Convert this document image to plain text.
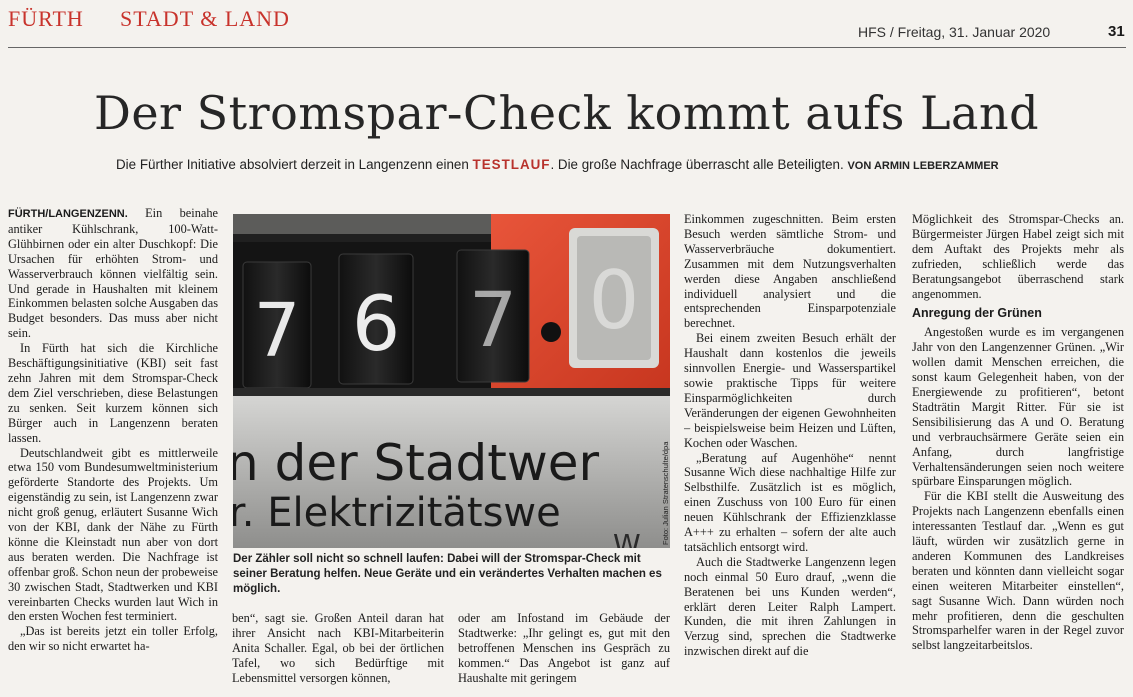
FÜRTH STADT & LAND
HFS / Freitag, 31. Januar 2020	31
Der Stromspar-Check kommt aufs Land
Die Fürther Initiative absolviert derzeit in Langenzenn einen TESTLAUF. Die große Nachfrage überrascht alle Beteiligten. VON ARMIN LEBERZAMMER

FÜRTH/LANGENZENN. Ein beinahe antiker Kühlschrank, 100-Watt-Glühbirnen oder ein alter Duschkopf: Die Ursachen für erhöhten Strom- und Wasserverbrauch können vielfältig sein. Und gerade in Haushalten mit kleinem Einkommen belasten solche Ausgaben das Budget besonders. Das muss aber nicht sein.

In Fürth hat sich die Kirchliche Beschäftigungsinitiative (KBI) seit fast zehn Jahren mit dem Stromspar-Check dem Ziel verschrieben, diese Belastungen zu senken. Seit kurzem können sich Bürger auch in Langenzenn beraten lassen.

Deutschlandweit gibt es mittlerweile etwa 150 vom Bundesumweltministerium geförderte Standorte des Projekts. Um eigenständig zu sein, ist Langenzenn zwar nicht groß genug, erläutert Susanne Wich von der KBI, dank der Nähe zu Fürth könne die Kleinstadt nun aber von dort aus beraten werden. Die Nachfrage ist offenbar groß. Schon neun der probeweise 30 zwischen Stadt, Stadtwerken und KBI vereinbarten Checks wurden laut Wich in den ersten Wochen fest terminiert.

„Das ist bereits jetzt ein toller Erfolg, den wir so nicht erwartet ha-

7 6 7 0
n der Stadtwer
r. Elektrizitätswe
W	Foto: Julian Stratenschulte/dpa
Der Zähler soll nicht so schnell laufen: Dabei will der Stromspar-Check mit seiner Beratung helfen. Neue Geräte und ein verändertes Verhalten machen es möglich.

ben“, sagt sie. Großen Anteil daran hat ihrer Ansicht nach KBI-Mitarbeiterin Anita Schaller. Egal, ob bei der örtlichen Tafel, wo sich Bedürftige mit Lebensmittel versorgen können,

oder am Infostand im Gebäude der Stadtwerke: „Ihr gelingt es, gut mit den betroffenen Menschen ins Gespräch zu kommen.“ Das Angebot ist ganz auf Haushalte mit geringem

Einkommen zugeschnitten. Beim ersten Besuch werden sämtliche Strom- und Wasserverbräuche dokumentiert. Zusammen mit dem Nutzungsverhalten werden diese Angaben anschließend individuell analysiert und die entsprechenden Einsparpotenziale berechnet.

Bei einem zweiten Besuch erhält der Haushalt dann kostenlos die jeweils sinnvollen Energie- und Wasserspartikel sowie praktische Tipps für weitere Einsparmöglichkeiten durch Veränderungen der eigenen Gewohnheiten – beispielsweise beim Heizen und Lüften, Kochen oder Waschen.

„Beratung auf Augenhöhe“ nennt Susanne Wich diese nachhaltige Hilfe zur Selbsthilfe. Zusätzlich ist es möglich, einen Zuschuss von 100 Euro für einen neuen Kühlschrank der Effizienzklasse A+++ zu erhalten – sofern der alte auch tatsächlich entsorgt wird.

Auch die Stadtwerke Langenzenn legen noch einmal 50 Euro drauf, „wenn die Beratenen bei uns Kunden werden“, erklärt deren Leiter Ralph Lampert. Kunden, die mit ihren Zahlungen in Verzug sind, sprechen die Stadtwerke inzwischen direkt auf die

Möglichkeit des Stromspar-Checks an. Bürgermeister Jürgen Habel zeigt sich mit dem Auftakt des Projekts mehr als zufrieden, schließlich werde das Beratungsangebot überraschend stark angenommen.

Anregung der Grünen

Angestoßen wurde es im vergangenen Jahr von den Langenzenner Grünen. „Wir wollen damit Menschen erreichen, die sonst kaum Gelegenheit haben, von der Energiewende zu profitieren“, betont Stadträtin Margit Ritter. Für sie ist Sensibilisierung das A und O. Beratung und verbrauchsärmere Geräte seien ein Anfang, durch langfristige Verhaltensänderungen seien noch weitere spürbare Einsparungen möglich.

Für die KBI stellt die Ausweitung des Projekts nach Langenzenn ebenfalls einen interessanten Testlauf dar. „Wenn es gut läuft, würden wir zusätzlich gerne in anderen Kommunen des Landkreises beraten und könnten dann vielleicht sogar einen weiteren Mitarbeiter einstellen“, sagt Susanne Wich. Dann würden noch mehr profitieren, denn die geschulten Stromsparhelfer waren in der Regel zuvor selbst langzeitarbeitslos.
